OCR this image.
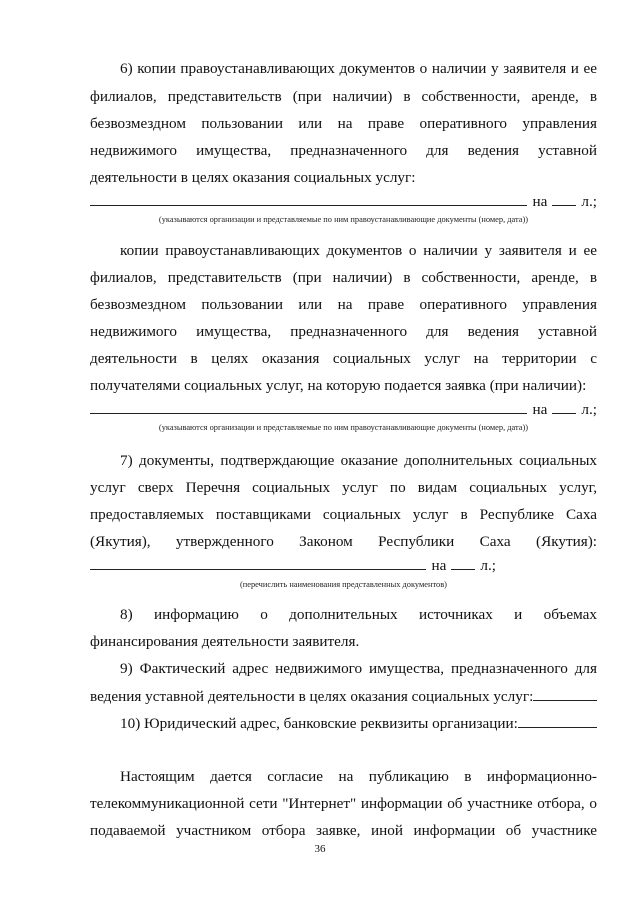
6) копии правоустанавливающих документов о наличии у заявителя и ее
филиалов, представительств (при наличии) в собственности, аренде, в
безвозмездном пользовании или на праве оперативного управления
недвижимого имущества, предназначенного для ведения уставной
деятельности в целях оказания социальных услуг:
на л.;
(указываются организации и представляемые по ним правоустанавливающие документы (номер, дата))
копии правоустанавливающих документов о наличии у заявителя и ее
филиалов, представительств (при наличии) в собственности, аренде, в
безвозмездном пользовании или на праве оперативного управления
недвижимого имущества, предназначенного для ведения уставной
деятельности в целях оказания социальных услуг на территории с
получателями социальных услуг, на которую подается заявка (при наличии):
на л.;
(указываются организации и представляемые по ним правоустанавливающие документы (номер, дата))
7) документы, подтверждающие оказание дополнительных социальных
услуг сверх Перечня социальных услуг по видам социальных услуг,
предоставляемых поставщиками социальных услуг в Республике Саха
(Якутия), утвержденного Законом Республики Саха (Якутия):
на л.;
(перечислить наименования представленных документов)
8) информацию о дополнительных источниках и объемах
финансирования деятельности заявителя.
9) Фактический адрес недвижимого имущества, предназначенного для
ведения уставной деятельности в целях оказания социальных услуг:
10) Юридический адрес, банковские реквизиты организации:
Настоящим дается согласие на публикацию в информационно-
телекоммуникационной сети "Интернет" информации об участнике отбора, о
подаваемой участником отбора заявке, иной информации об участнике
36
